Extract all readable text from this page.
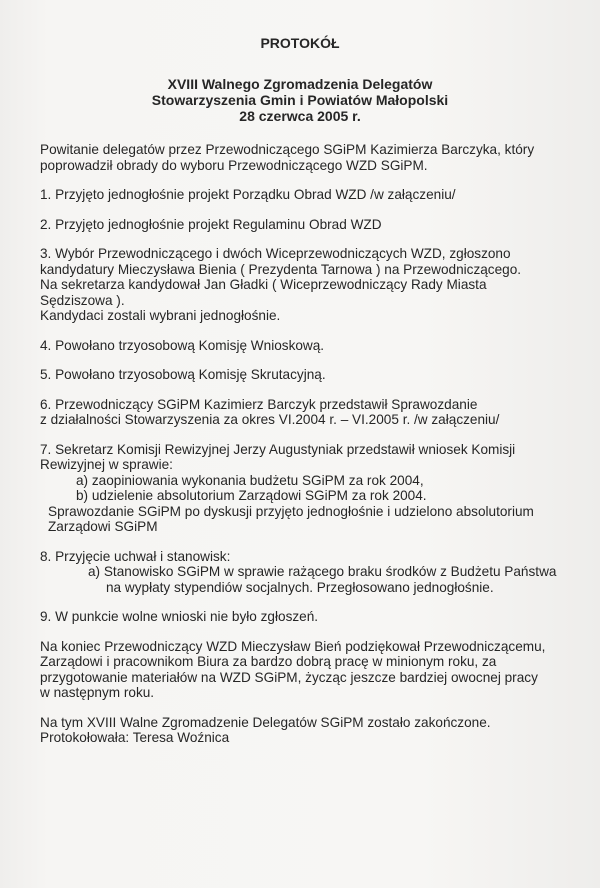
PROTOKÓŁ
XVIII Walnego Zgromadzenia Delegatów
Stowarzyszenia Gmin i Powiatów Małopolski
28 czerwca 2005 r.
Powitanie delegatów przez Przewodniczącego SGiPM Kazimierza Barczyka, który
poprowadził obrady do wyboru Przewodniczącego WZD SGiPM.
1. Przyjęto jednogłośnie projekt Porządku Obrad WZD /w załączeniu/
2. Przyjęto jednogłośnie projekt Regulaminu Obrad WZD
3. Wybór Przewodniczącego i dwóch Wiceprzewodniczących WZD, zgłoszono
kandydatury Mieczysława Bienia ( Prezydenta Tarnowa ) na Przewodniczącego.
Na sekretarza kandydował Jan Gładki ( Wiceprzewodniczący Rady Miasta
Sędziszowa ).
Kandydaci zostali wybrani jednogłośnie.
4. Powołano trzyosobową Komisję Wnioskową.
5. Powołano trzyosobową Komisję Skrutacyjną.
6. Przewodniczący SGiPM Kazimierz Barczyk przedstawił Sprawozdanie
z działalności Stowarzyszenia za okres VI.2004 r. – VI.2005 r. /w załączeniu/
7. Sekretarz Komisji Rewizyjnej Jerzy Augustyniak przedstawił wniosek Komisji
Rewizyjnej w sprawie:
a) zaopiniowania wykonania budżetu SGiPM za rok 2004,
b) udzielenie absolutorium Zarządowi SGiPM za rok 2004.
Sprawozdanie SGiPM po dyskusji przyjęto jednogłośnie i udzielono absolutorium
Zarządowi SGiPM
8. Przyjęcie uchwał i stanowisk:
a) Stanowisko SGiPM w sprawie rażącego braku środków z Budżetu Państwa
na wypłaty stypendiów socjalnych. Przegłosowano jednogłośnie.
9. W punkcie wolne wnioski nie było zgłoszeń.
Na koniec Przewodniczący WZD Mieczysław Bień podziękował Przewodniczącemu,
Zarządowi i pracownikom Biura za bardzo dobrą pracę w minionym roku, za
przygotowanie materiałów na WZD SGiPM, życząc jeszcze bardziej owocnej pracy
w następnym roku.
Na tym XVIII Walne Zgromadzenie Delegatów SGiPM zostało zakończone.
Protokołowała: Teresa Woźnica
